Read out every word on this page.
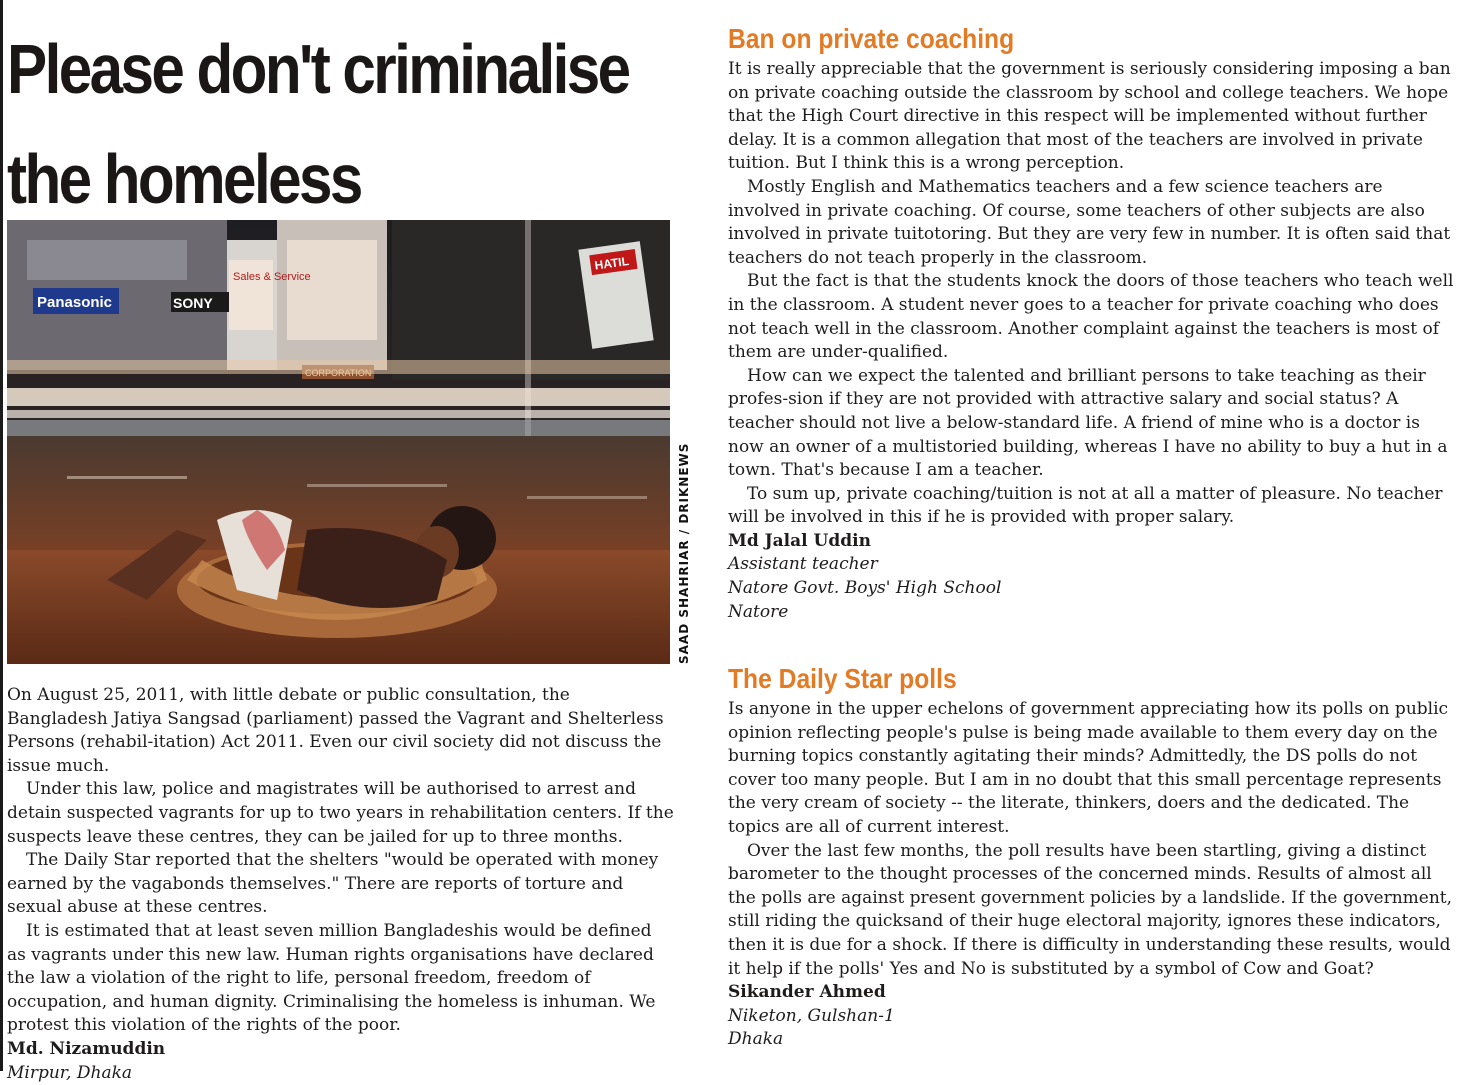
Please don't criminalise
the homeless
Panasonic	SONY
Sales & Service
HATIL
SAAD SHAHRIAR / DRIKNEWS

On August 25, 2011, with little debate or public consultation, the Bangladesh Jatiya Sangsad (parliament) passed the Vagrant and Shelterless Persons (rehabil-itation) Act 2011. Even our civil society did not discuss the issue much.

Under this law, police and magistrates will be authorised to arrest and detain suspected vagrants for up to two years in rehabilitation centers. If the suspects leave these centres, they can be jailed for up to three months.

The Daily Star reported that the shelters "would be operated with money earned by the vagabonds themselves." There are reports of torture and sexual abuse at these centres.

It is estimated that at least seven million Bangladeshis would be defined as vagrants under this new law. Human rights organisations have declared the law a violation of the right to life, personal freedom, freedom of occupation, and human dignity. Criminalising the homeless is inhuman. We protest this violation of the rights of the poor.

Md. Nizamuddin

Mirpur, Dhaka

Ban on private coaching

It is really appreciable that the government is seriously considering imposing a ban on private coaching outside the classroom by school and college teachers. We hope that the High Court directive in this respect will be implemented without further delay. It is a common allegation that most of the teachers are involved in private tuition. But I think this is a wrong perception.

Mostly English and Mathematics teachers and a few science teachers are involved in private coaching. Of course, some teachers of other subjects are also involved in private tuitotoring. But they are very few in number. It is often said that teachers do not teach properly in the classroom.

But the fact is that the students knock the doors of those teachers who teach well in the classroom. A student never goes to a teacher for private coaching who does not teach well in the classroom. Another complaint against the teachers is most of them are under-qualified.

How can we expect the talented and brilliant persons to take teaching as their profes-sion if they are not provided with attractive salary and social status? A teacher should not live a below-standard life. A friend of mine who is a doctor is now an owner of a multistoried building, whereas I have no ability to buy a hut in a town. That's because I am a teacher.

To sum up, private coaching/tuition is not at all a matter of pleasure. No teacher will be involved in this if he is provided with proper salary.

Md Jalal Uddin

Assistant teacher

Natore Govt. Boys' High School

Natore

The Daily Star polls

Is anyone in the upper echelons of government appreciating how its polls on public opinion reflecting people's pulse is being made available to them every day on the burning topics constantly agitating their minds? Admittedly, the DS polls do not cover too many people. But I am in no doubt that this small percentage represents the very cream of society -- the literate, thinkers, doers and the dedicated. The topics are all of current interest.

Over the last few months, the poll results have been startling, giving a distinct barometer to the thought processes of the concerned minds. Results of almost all the polls are against present government policies by a landslide. If the government, still riding the quicksand of their huge electoral majority, ignores these indicators, then it is due for a shock. If there is difficulty in understanding these results, would it help if the polls' Yes and No is substituted by a symbol of Cow and Goat?

Sikander Ahmed

Niketon, Gulshan-1

Dhaka
